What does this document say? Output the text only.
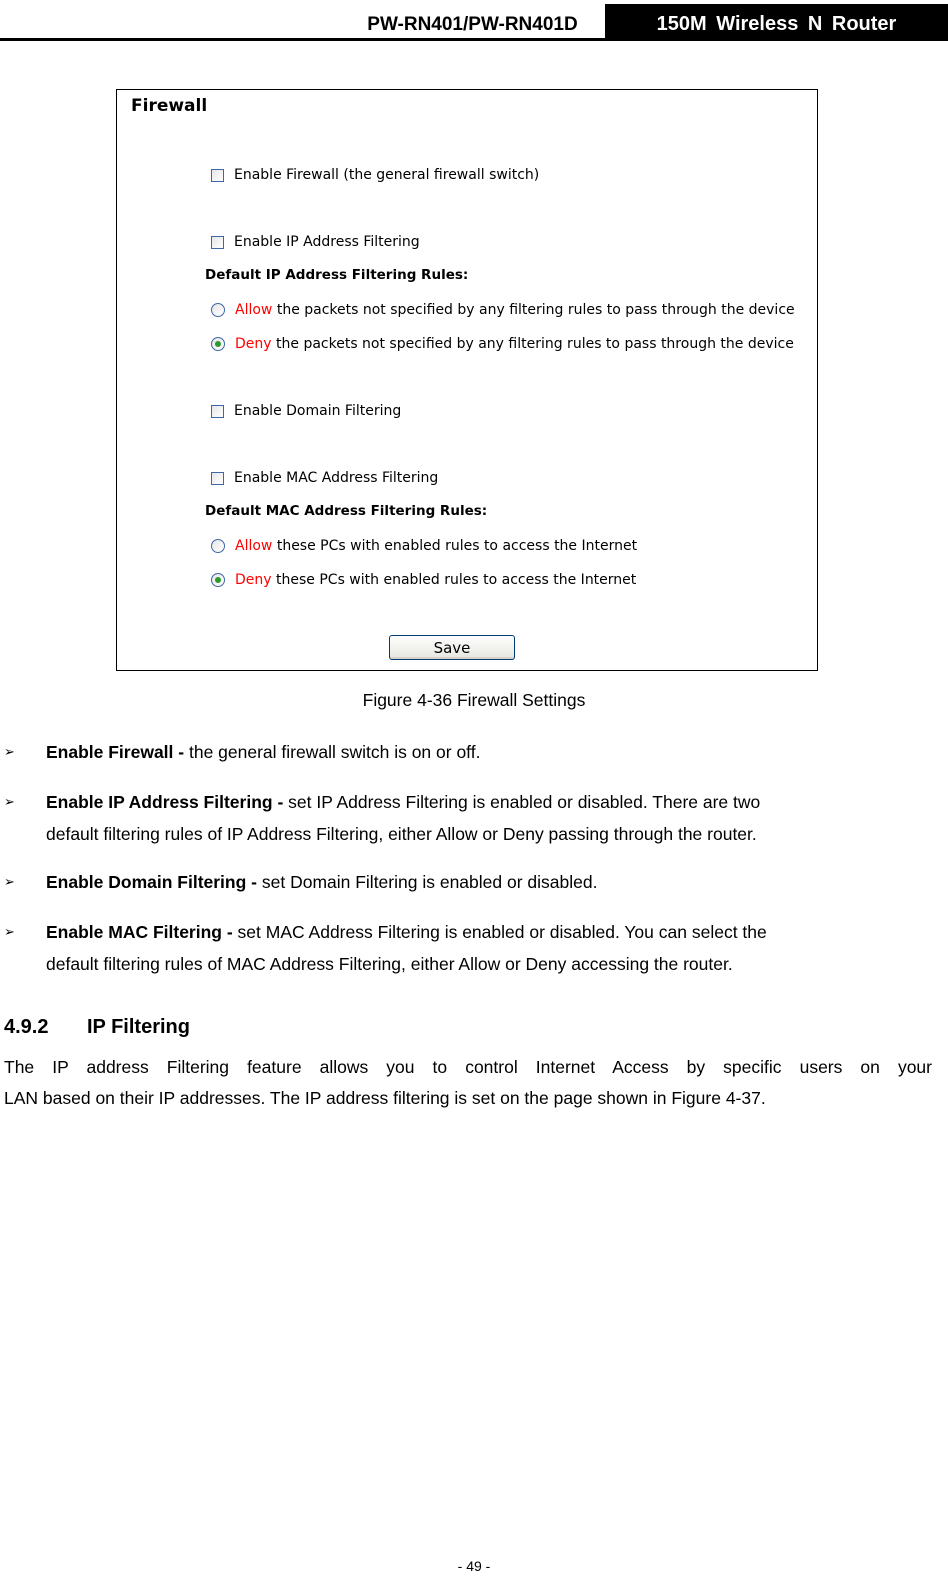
PW-RN401/PW-RN401D	150M Wireless N Router
Firewall
Enable Firewall (the general firewall switch)
Enable IP Address Filtering
Default IP Address Filtering Rules:
Allow the packets not specified by any filtering rules to pass through the device
Deny the packets not specified by any filtering rules to pass through the device
Enable Domain Filtering
Enable MAC Address Filtering
Default MAC Address Filtering Rules:
Allow these PCs with enabled rules to access the Internet
Deny these PCs with enabled rules to access the Internet
Save
Figure 4-36 Firewall Settings
➢ Enable Firewall - the general firewall switch is on or off.
➢ Enable IP Address Filtering - set IP Address Filtering is enabled or disabled. There are two
default filtering rules of IP Address Filtering, either Allow or Deny passing through the router.
➢ Enable Domain Filtering - set Domain Filtering is enabled or disabled.
➢ Enable MAC Filtering - set MAC Address Filtering is enabled or disabled. You can select the
default filtering rules of MAC Address Filtering, either Allow or Deny accessing the router.
4.9.2 IP Filtering
The IP address Filtering feature allows you to control Internet Access by specific users on your
LAN based on their IP addresses. The IP address filtering is set on the page shown in Figure 4-37.
- 49 -
